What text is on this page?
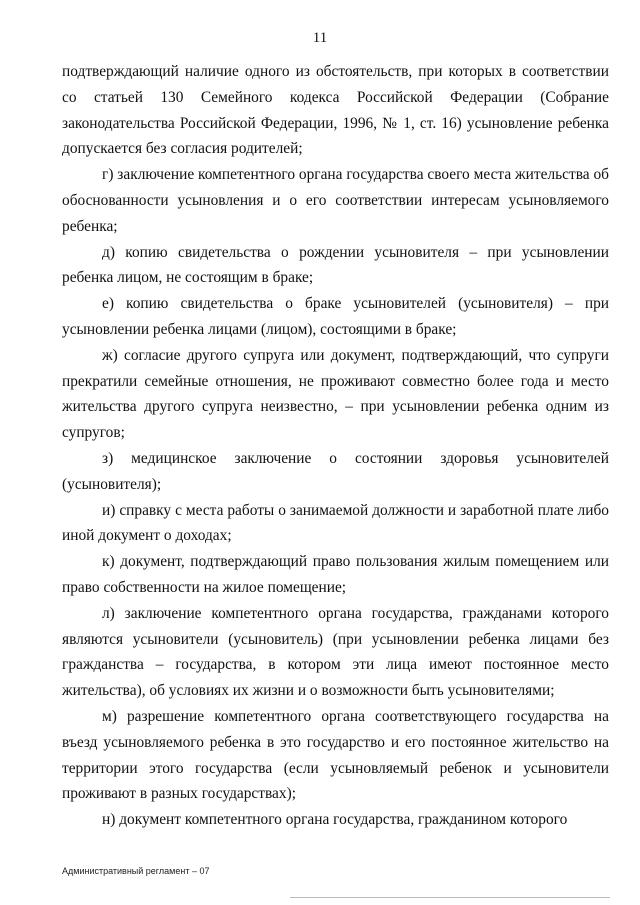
11

подтверждающий наличие одного из обстоятельств, при которых в соответствии со статьей 130 Семейного кодекса Российской Федерации (Собрание законодательства Российской Федерации, 1996, № 1, ст. 16) усыновление ребенка допускается без согласия родителей;

г) заключение компетентного органа государства своего места жительства об обоснованности усыновления и о его соответствии интересам усыновляемого ребенка;

д) копию свидетельства о рождении усыновителя – при усыновлении ребенка лицом, не состоящим в браке;

е) копию свидетельства о браке усыновителей (усыновителя) – при усыновлении ребенка лицами (лицом), состоящими в браке;

ж) согласие другого супруга или документ, подтверждающий, что супруги прекратили семейные отношения, не проживают совместно более года и место жительства другого супруга неизвестно, – при усыновлении ребенка одним из супругов;

з) медицинское заключение о состоянии здоровья усыновителей (усыновителя);

и) справку с места работы о занимаемой должности и заработной плате либо иной документ о доходах;

к) документ, подтверждающий право пользования жилым помещением или право собственности на жилое помещение;

л) заключение компетентного органа государства, гражданами которого являются усыновители (усыновитель) (при усыновлении ребенка лицами без гражданства – государства, в котором эти лица имеют постоянное место жительства), об условиях их жизни и о возможности быть усыновителями;

м) разрешение компетентного органа соответствующего государства на въезд усыновляемого ребенка в это государство и его постоянное жительство на территории этого государства (если усыновляемый ребенок и усыновители проживают в разных государствах);

н) документ компетентного органа государства, гражданином которого

Административный регламент – 07
